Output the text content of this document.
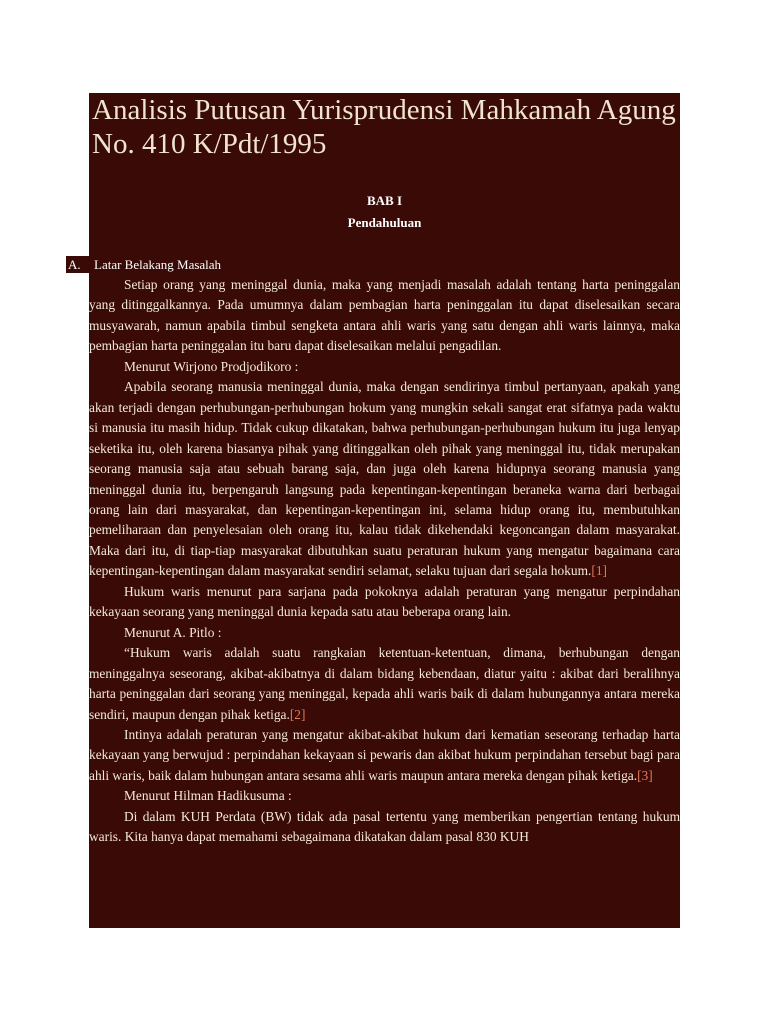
Analisis Putusan Yurisprudensi Mahkamah Agung No. 410 K/Pdt/1995
BAB I
Pendahuluan
A. Latar Belakang Masalah

Setiap orang yang meninggal dunia, maka yang menjadi masalah adalah tentang harta peninggalan yang ditinggalkannya. Pada umumnya dalam pembagian harta peninggalan itu dapat diselesaikan secara musyawarah, namun apabila timbul sengketa antara ahli waris yang satu dengan ahli waris lainnya, maka pembagian harta peninggalan itu baru dapat diselesaikan melalui pengadilan.

Menurut Wirjono Prodjodikoro :

Apabila seorang manusia meninggal dunia, maka dengan sendirinya timbul pertanyaan, apakah yang akan terjadi dengan perhubungan-perhubungan hokum yang mungkin sekali sangat erat sifatnya pada waktu si manusia itu masih hidup. Tidak cukup dikatakan, bahwa perhubungan-perhubungan hukum itu juga lenyap seketika itu, oleh karena biasanya pihak yang ditinggalkan oleh pihak yang meninggal itu, tidak merupakan seorang manusia saja atau sebuah barang saja, dan juga oleh karena hidupnya seorang manusia yang meninggal dunia itu, berpengaruh langsung pada kepentingan-kepentingan beraneka warna dari berbagai orang lain dari masyarakat, dan kepentingan-kepentingan ini, selama hidup orang itu, membutuhkan pemeliharaan dan penyelesaian oleh orang itu, kalau tidak dikehendaki kegoncangan dalam masyarakat. Maka dari itu, di tiap-tiap masyarakat dibutuhkan suatu peraturan hukum yang mengatur bagaimana cara kepentingan-kepentingan dalam masyarakat sendiri selamat, selaku tujuan dari segala hokum.[1]

Hukum waris menurut para sarjana pada pokoknya adalah peraturan yang mengatur perpindahan kekayaan seorang yang meninggal dunia kepada satu atau beberapa orang lain.

Menurut A. Pitlo :

“Hukum waris adalah suatu rangkaian ketentuan-ketentuan, dimana, berhubungan dengan meninggalnya seseorang, akibat-akibatnya di dalam bidang kebendaan, diatur yaitu : akibat dari beralihnya harta peninggalan dari seorang yang meninggal, kepada ahli waris baik di dalam hubungannya antara mereka sendiri, maupun dengan pihak ketiga.[2]

Intinya adalah peraturan yang mengatur akibat-akibat hukum dari kematian seseorang terhadap harta kekayaan yang berwujud : perpindahan kekayaan si pewaris dan akibat hukum perpindahan tersebut bagi para ahli waris, baik dalam hubungan antara sesama ahli waris maupun antara mereka dengan pihak ketiga.[3]

Menurut Hilman Hadikusuma :

Di dalam KUH Perdata (BW) tidak ada pasal tertentu yang memberikan pengertian tentang hukum waris. Kita hanya dapat memahami sebagaimana dikatakan dalam pasal 830 KUH
